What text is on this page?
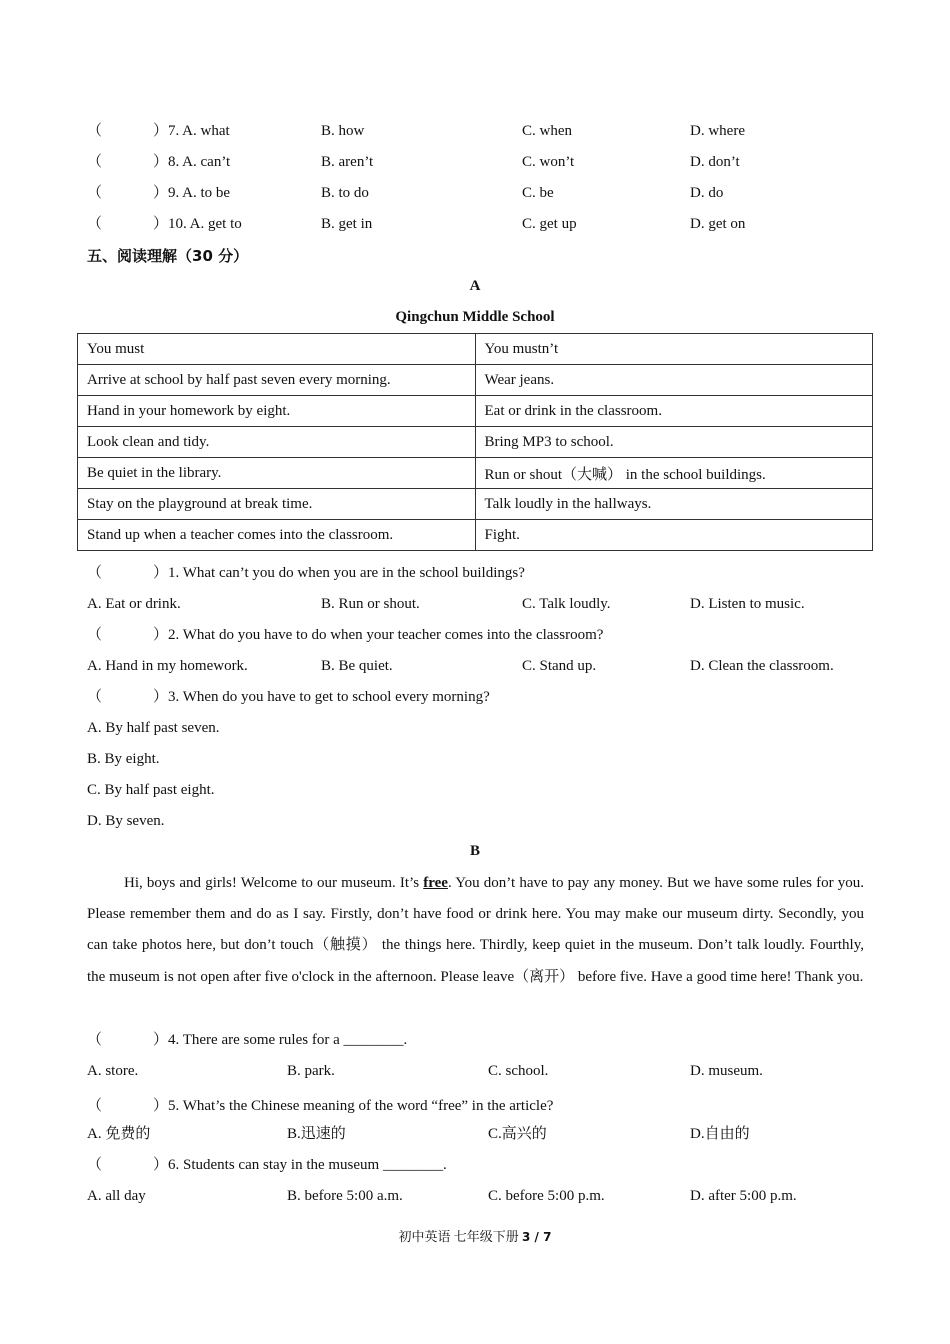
（	）7. A. what	B. how	C. when	D. where
（	）8. A. can’t	B. aren’t	C. won’t	D. don’t
（	）9. A. to be	B. to do	C. be	D. do
（	）10. A. get to	B. get in	C. get up	D. get on
五、阅读理解（30 分）
A
Qingchun Middle School
You must	You mustn’t
Arrive at school by half past seven every morning.	Wear jeans.
Hand in your homework by eight.	Eat or drink in the classroom.
Look clean and tidy.	Bring MP3 to school.
Be quiet in the library.	Run or shout（大喊） in the school buildings.
Stay on the playground at break time.	Talk loudly in the hallways.
Stand up when a teacher comes into the classroom.	Fight.
（	）1. What can’t you do when you are in the school buildings?
A. Eat or drink.	B. Run or shout.	C. Talk loudly.	D. Listen to music.
（	）2. What do you have to do when your teacher comes into the classroom?
A. Hand in my homework.	B. Be quiet.	C. Stand up.	D. Clean the classroom.
（	）3. When do you have to get to school every morning?
A. By half past seven.
B. By eight.
C. By half past eight.
D. By seven.
B
Hi, boys and girls! Welcome to our museum. It’s free. You don’t have to pay any money. But we have some rules for you. Please remember them and do as I say. Firstly, don’t have food or drink here. You may make our museum dirty. Secondly, you can take photos here, but don’t touch（触摸） the things here. Thirdly, keep quiet in the museum. Don’t talk loudly. Fourthly, the museum is not open after five o'clock in the afternoon. Please leave（离开） before five. Have a good time here! Thank you.
（	）4. There are some rules for a ________.
A. store.	B. park.	C. school.	D. museum.
（	）5. What’s the Chinese meaning of the word “free” in the article?
A. 免费的	B.迅速的	C.高兴的	D.自由的
（	）6. Students can stay in the museum ________.
A. all day	B. before 5:00 a.m.	C. before 5:00 p.m.	D. after 5:00 p.m.
初中英语 七年级下册 3 / 7
